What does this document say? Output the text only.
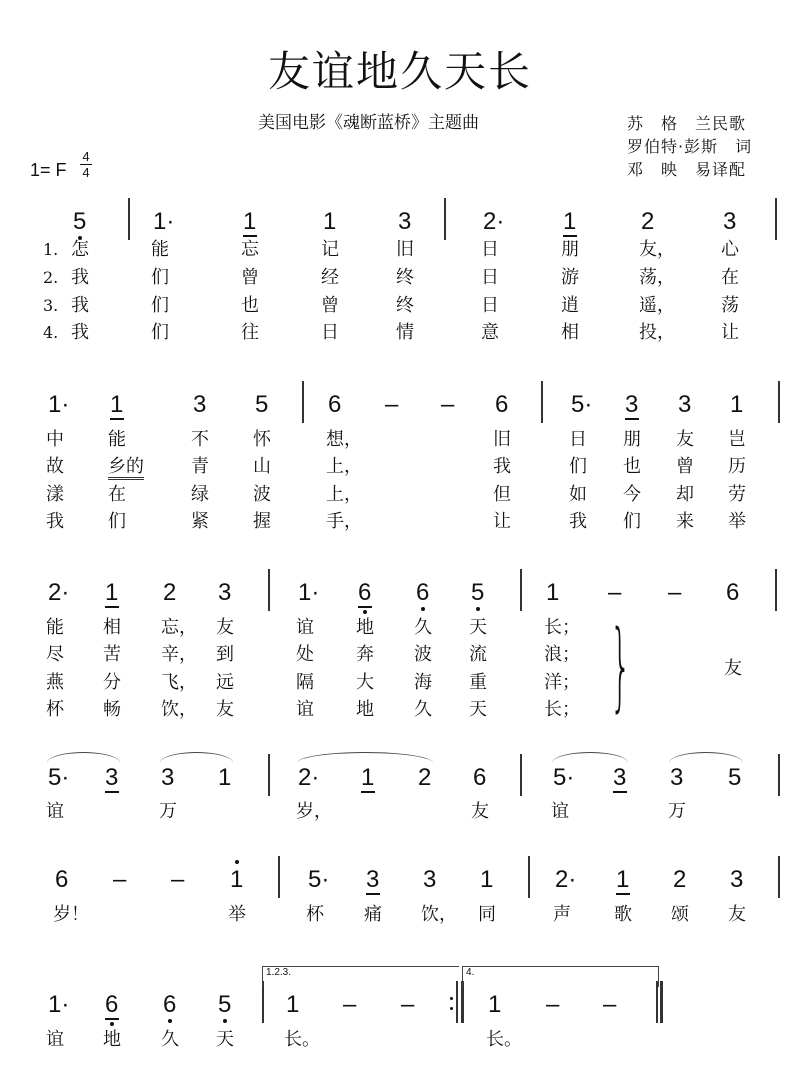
友谊地久天长
美国电影《魂断蓝桥》主题曲	苏　格　兰民歌
罗伯特·彭斯　词
邓　映　易译配
1= F
4
4
5	1·	1	1	3	2· 1	2	3
1. 怎	能	忘	记	旧	日	朋	友，	心
2. 我	们	曾	经	终	日	游	荡，	在
3. 我	们	也	曾	终	日	逍	遥，	荡
4. 我	们	往	日	情	意	相	投，	让
1· 1	3 5 6 – – 6	5· 3 3 1
中 能	不 怀	想，	旧	日 朋 友 岂
故 乡的	青 山	上，	我	们 也 曾 历
漾 在	绿 波	上，	但	如 今 却 劳
我 们	紧 握	手，	让	我 们 来 举
2· 1 2 3	1· 6 6 5	1 – – 6
能 相 忘， 友	谊 地 久 天	长；
尽 苦 辛， 到	处 奔 波 流	浪；
燕 分 飞， 远	隔 大 海 重	洋；
杯 畅 饮， 友	谊 地 久 天	长； }	友
5· 3 3 1	2· 1 2 6	5· 3 3 5
谊	万	岁，	友	谊	万
6 – – 1	5· 3 3 1	2· 1 2 3
岁！	举	杯 痛 饮， 同	声 歌 颂 友
1· 6 6 5 1 – –	1 – –
谊 地 久 天	长。	长。
1.2.3.	4.
